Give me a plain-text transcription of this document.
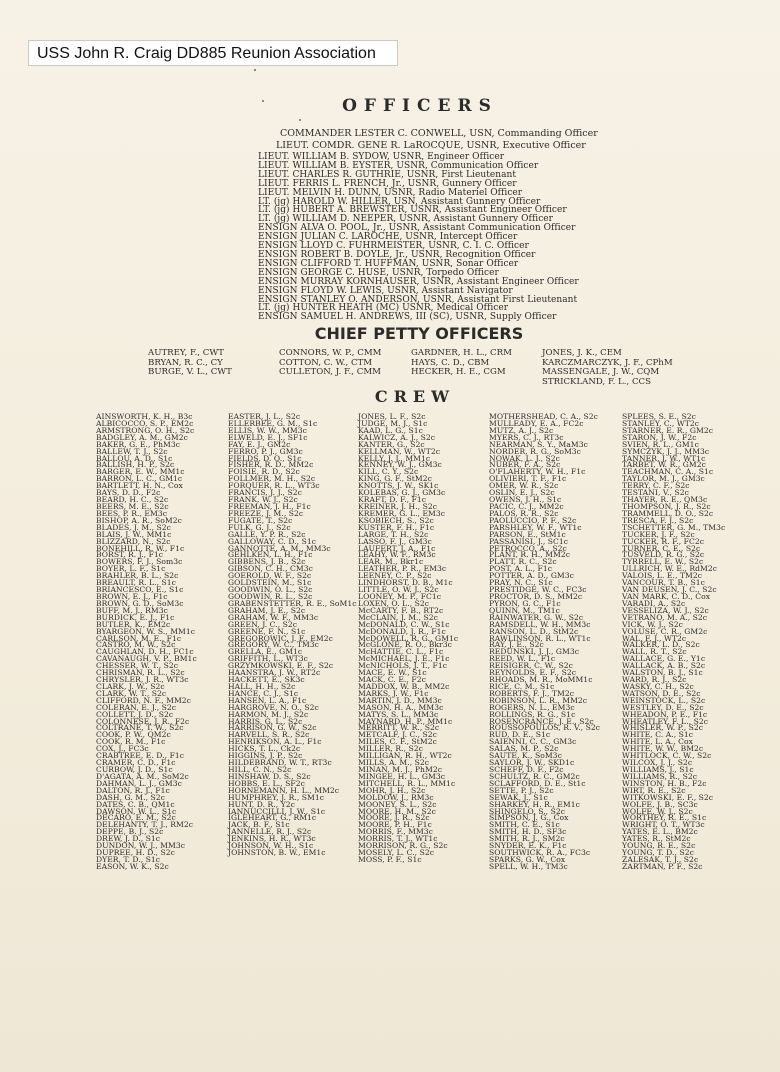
USS John R. Craig DD885 Reunion Association
OFFICERS
COMMANDER LESTER C. CONWELL, USN, Commanding Officer
LIEUT. COMDR. GENE R. LaROCQUE, USNR, Executive Officer
LIEUT. WILLIAM B. SYDOW, USNR, Engineer Officer
LIEUT. WILLIAM B. EYSTER, USNR, Communication Officer
LIEUT. CHARLES R. GUTHRIE, USNR, First Lieutenant
LIEUT. FERRIS L. FRENCH, Jr., USNR, Gunnery Officer
LIEUT. MELVIN H. DUNN, USNR, Radio Materiel Officer
LT. (jg) HAROLD W. HILLER, USN, Assistant Gunnery Officer
LT. (jg) HUBERT A. BREWSTER, USNR, Assistant Engineer Officer
LT. (jg) WILLIAM D. NEEPER, USNR, Assistant Gunnery Officer
ENSIGN ALVA O. POOL, Jr., USNR, Assistant Communication Officer
ENSIGN JULIAN C. LAROCHE, USNR, Intercept Officer
ENSIGN LLOYD C. FUHRMEISTER, USNR, C. I. C. Officer
ENSIGN ROBERT B. DOYLE, Jr., USNR, Recognition Officer
ENSIGN CLIFFORD T. HUFFMAN, USNR, Sonar Officer
ENSIGN GEORGE C. HUSE, USNR, Torpedo Officer
ENSIGN MURRAY KORNHAUSER, USNR, Assistant Engineer Officer
ENSIGN FLOYD W. LEWIS, USNR, Assistant Navigator
ENSIGN STANLEY O. ANDERSON, USNR, Assistant First Lieutenant
LT. (jg) HUNTER HEATH (MC) USNR, Medical Officer
ENSIGN SAMUEL H. ANDREWS, III (SC), USNR, Supply Officer
CHIEF PETTY OFFICERS
AUTREY, F., CWT
BRYAN, R. C., CY
BURGE, V. L., CWT
CONNORS, W. P., CMM
COTTON, C. W., CTM
CULLETON, J. F., CMM
GARDNER, H. L., CRM
HAYS, C. D., CBM
HECKER, H. E., CGM
JONES, J. K., CEM
KARCZMARCZYK, J. F., CPhM
MASSENGALE, J. W., CQM
STRICKLAND, F. L., CCS
CREW
AINSWORTH, K. H., B3c
ALBICOCCO, S. P., EM2c
ARMSTRONG, O. H., S2c
BADGLEY, A. M., GM2c
BAKER, G. E., PhM3c
BALLEW, T. J., S2c
BALLOU, A. D., S1c
BALLISH, H. P., S2c
BARGER, E. W., MM1c
BARRON, L. C., GM1c
BARTLETT, H. N., Cox
BAYS, D. D., F2c
BEARD, H. C., S2c
BEERS, M. E., S2c
BEES, P. R., EM3c
BISHOP, A. R., SoM2c
BLADES, J. M., S2c
BLAIS, J. W., MM1c
BLIZZARD, N., S2c
BONEHILL, R. W., F1c
BORST, R. J., F1c
BOWERS, F. J., Som3c
BOYER, L. F., S1c
BRAHLER, B. L., S2c
BREAULT, R. L., S1c
BRIANCESCO, E., S1c
BROWN, E. J., F1c
BROWN, G. D., SoM3c
BUFF, M. J., RM3c
BURDICK, E. J., F1c
BUTLER, K., EM2c
BYARGEON, W. S., MM1c
CARLSON, M. E., F1c
CASTRO, M. W., S2c
CAUGHLAN, D. H., FC1c
CAVANAUGH, V. P., BM1c
CHESSER, W. T., S2c
CHRISMAN, R. L., S2c
CHRYSLER, J. R., WT3c
CLARK, J. W., S2c
CLARK, W. T., S2c
CLIFFORD, N. F., MM2c
COLERAN, E. J., S2c
COLLETT, J. D., S2c
COLONNESE, J. R., F2c
COLTRANE, T. W., S2c
COOK, P. W., QM2c
COOK, R. M., F1c
COX, J., FC3c
CRABTREE, E. D., F1c
CRAMER, C. D., F1c
CURBOW, J. D., S1c
D'AGATA, A. M., SoM2c
DAHMAN, L. J., GM3c
DALTON, R. J., F1c
DASH, G. M., S2c
DATES, C. B., QM1c
DAWSON, W. L., S1c
DECARO, E. M., S2c
DELEHANTY, T. J., RM2c
DEPPE, B. J., S2c
DREW, J. D., S1c
DUNDON, W. J., MM3c
DUPREE, H. D., S2c
DYER, T. D., S1c
EASON, W. K., S2c
EASTER, J. L., S2c
ELLERBEE, G. M., S1c
ELLIS, W. W., MM3c
ELWELD, E. J., SF1c
FAY, E. J., GM2c
FERRO, P. J., GM3c
FIELDS, D. O., S1c
FISHER, R. D., MM2c
FOISIE, R. D., S2c
FOLLMER, M. H., S2c
FORQUER, R. L., WT3c
FRANCIS, J. J., S2c
FRANK, W. J., S2c
FREEMAN, J. H., F1c
FREEZE, J. M., S2c
FUGATE, T., S2c
FULK, G. J., S2c
GALLE, Y. P. R., S2c
GALLOWAY, C. D., S1c
GANNOTTE, A. M., MM3c
GEHLKEN, L. H., F1c
GIBBENS, J. B., S2c
GIBSON, C. H., CM3c
GOEROLD, W. F., S2c
GOLDSTEIN, M., S1c
GOODWIN, O. L., S2c
GOODWIN, R. L., S2c
GRABENSTETTER, R. E., SoM1c
GRAHAM, J. E., S2c
GRAHAM, W. F., MM3c
GREEN, J. C., S2c
GREENE, F. N., S1c
GREGOROWIC, J. F., EM2c
GREGORY, W. C., TM3c
GRELLA, E., GM1c
GRIFFITH, L., WT3c
GRZYMKOWSKI, E. F., S2c
HAANSTRA, J. W., RT2c
HACKETT, E., SK3c
HALL, H. H., S2c
HANCE, C. J., S1c
HANSEN, L. A., F1c
HARGROVE, N. O., S2c
HARMON, M. J., S2c
HARRIS, G. L., S2c
HARRISON, G. W., S2c
HARVELL, S. R., S2c
HENRIKSON, A. L., F1c
HICKS, T. L., Ck2c
HIGGINS, J. P., S2c
HILDEBRAND, W. T., RT3c
HILL, C. N., S2c
HINSHAW, D. S., S2c
HOBBS, E. L., SF2c
HORNEMANN, H. L., MM2c
HUMPHREY, J. R., SM1c
HUNT, D. R., Y2c
IANNUCCILLI, J. W., S1c
IGLEHEART, G., RM1c
JACK, B. F., S1c
JANNELLE, R. J., S2c
JENKINS, H. R., WT3c
JOHNSON, W. H., S1c
JOHNSTON, B. W., EM1c
JONES, L. F., S2c
JUDGE, M. J., S1c
KAAD, L. G., S1c
KALWICZ, A. J., S2c
KANTER, G., S2c
KELLMAN, W., WT2c
KELLY, J. J., MM1c
KENNEY, W. J., GM3c
KILL, C. Y., S2c
KING, G. F., StM2c
KNOTTS, J. W., SK1c
KOLEBAS, G. J., GM3c
KRAFT, D. F., F1c
KREINER, J. H., S2c
KREMER, G. L., EM3c
KSOBIECH, S., S2c
KUSTER, F. H., F1c
LARGE, T. H., S2c
LASSO, F. J., GM3c
LAUFERT, J. A., F1c
LEAHY, W. F., RM3c
LEAR, M., Bkr1c
LEATHER, P. R., EM3c
LEENEY, C. P., S2c
LINDHORST, D. B., M1c
LITTLE, O. W. J., S2c
LOONEY, M. P., FC1c
LOXEN, O. L., S2c
McCARTY, F. B., RT2c
McCLAIN, J. M., S2c
McDONALD, C. W., S1c
McDONALD, J. R., F1c
McDOWELL, R. G., GM1c
McGLONE, R. O., Bkr3c
McHATTIE, C. L., F1c
McMICHAEL, J. E., F1c
McNICHOLS, J. T., F1c
MACE, E. W., S1c
MACK, C. E., F2c
MADDOX, W. B., MM2c
MARKS, J. W., F1c
MARTIN, J. D., MM3c
MASON, H. A., MM3c
MATYS, S. L., MM3c
MAYNARD, H. P., MM1c
MERRITT, W. R., S2c
METCALF, J. C., S2c
MILES, C. F., StM2c
MILLER, R., S2c
MILLIGAN, R. H., WT2c
MILLS, A. M., S2c
MINAN, M. J., PhM2c
MINGEE, H. L., GM3c
MITCHELL, R. L., MM1c
MOHR, J. H., S2c
MOLDOW, J., RM3c
MOONEY, S. L., S2c
MOORE, H. M., S2c
MOORE, J. R., S2c
MOORE, P. H., F1c
MORRIS, F., MM3c
MORRIS, T. J., WT1c
MORRISON, R. G., S2c
MOSELY, L. C., S2c
MOSS, P. F., S1c
MOTHERSHEAD, C. A., S2c
MULLEADY, E. A., FC2c
MUTZ, A. J., S2c
MYERS, C. J., RT3c
NEARMAN, S. Y., MaM3c
NORDER, R. G., SoM3c
NOWAK, L. J., S2c
NUBER, F. A., S2c
O'FLAHERTY, W. H., F1c
OLIVIERI, T. F., F1c
OMER, W. R., S2c
OSLIN, E. J., S2c
OWENS, J. H., S1c
PACIC, C. J., MM2c
PALOS, R. R., S2c
PAOLUCCIO, P. F., S2c
PARSHLEY, W. F., WT1c
PARSON, E., StM1c
PASSANISI, J., SC1c
PETROCCO, A., S2c
PLANT, R. H., MM2c
PLATT, R. C., S2c
POST, A. L., F1c
POTTER, A. D., GM3c
PRAY, N. C., S1c
PRESTIDGE, W. C., FC3c
PROCTOR, D. S., MM2c
PYRON, G. C., F1c
QUINN, M., TM1c
RAINWATER, G. W., S2c
RAMSDELL, W. H., MM3c
RANSON, L. D., StM2c
RAWLINSON, R. L., WT1c
RAY, J. E., S2c
REDUNSKI, J. J., GM3c
REED, W. L., F1c
REISIGER, C. W., S2c
REYNOLDS, E. F., S2c
RHOADS, M. R., MoMM1c
RICE, C. M., S1c
ROBERTS, F. J., TM2c
ROBINSON, L. R., MM2c
ROGERS, N. L., EM3c
ROLLINGS, R. G., S1c
ROSENCRANCE, J. E., S2c
ROUSSOPOULOS, R. V., S2c
RUD, D. E., S1c
SAIENNI, C. C., GM3c
SALAS, M. P., S2c
SAUTE, K., SoM3c
SAYLOR, J. W., SKD1c
SCHEFF, D. F., F2c
SCHULTZ, R. C., GM2c
SCLAFFORD, D. E., St1c
SETTE, P. J., S2c
SEWAK, J., S1c
SHARKEY, H. R., EM1c
SHINGELO, S., S2c
SIMPSON, J. G., Cox
SMITH, C. E., S1c
SMITH, H. D., SF3c
SMITH, R. J., SM2c
SNYDER, E. K., F1c
SOUTHWICK, R. A., FC3c
SPARKS, G. W., Cox
SPELL, W. H., TM3c
SPLEES, S. E., S2c
STANLEY, C., WT2c
STARNER, E. R., GM2c
STARON, J. W., F2c
SVIEN, R. L., GM1c
SYMCZYK, J. J., MM3c
TANNER, J. W., WT1c
TARBET, W. R., GM2c
TEACHMAN, C. A., S1c
TAYLOR, M. J., GM3c
TERRY, C. F., S2c
TESTANI, V., S2c
THAYER, R. E., QM3c
THOMPSON, J. R., S2c
TRAMMELL, D. O., S2c
TRESCA, F. J., S2c
TSCHETTER, G. M., TM3c
TUCKER, J. F., S2c
TUCKER, R. F., FC2c
TURNER, C. E., S2c
TUSVELD, R. G., S2c
TYRRELL, E. W., S2c
ULLRICH, W. E., RdM2c
VALOIS, L. E., TM2c
VANCOUR, T. B., S1c
VAN DEUSEN, J. C., S2c
VAN MARK, C. D., Cox
VARADI, A., S2c
VESSELIZA, W. J., S2c
VETRANO, M. A., S2c
VICK, W. J., S2c
VOLUSE, C. R., GM2c
WAL, F. J., WT2c
WALKER, L. D., S2c
WALL, R. T., S2c
WALLACE, G. E., Y1c
WALLACK, A. B., S2c
WALSTON, B. J., S1c
WARD, R. J., S2c
WASKY, C. H., S2c
WATSON, D. E., S2c
WEINSTOCK, L., S2c
WESTLEY, D. E., S2c
WHEADON, P. E., F1c
WHEATLEY, F. L., S2c
WHISLER, W. P., S2c
WHITE, C. A., S1c
WHITE, L. A., Cox
WHITE, W. W., BM2c
WHITLOCK, C. W., S2c
WILCOX, J. J., S2c
WILLIAMS, J., S1c
WILLIAMS, R., S2c
WINSTON, H. B., F2c
WIRT, R. E., S2c
WITKOWSKI, E. F., S2c
WOLFE, J. B., SC3c
WOLFE, W. J., S2c
WORTHEY, R. E., S1c
WRIGHT, O. T., WT3c
YATES, E. L., BM2c
YATES, R., StM2c
YOUNG, R. E., S2c
YOUNG, T. D., S2c
ZALESAK, T. J., S2c
ZARTMAN, P. F., S2c
